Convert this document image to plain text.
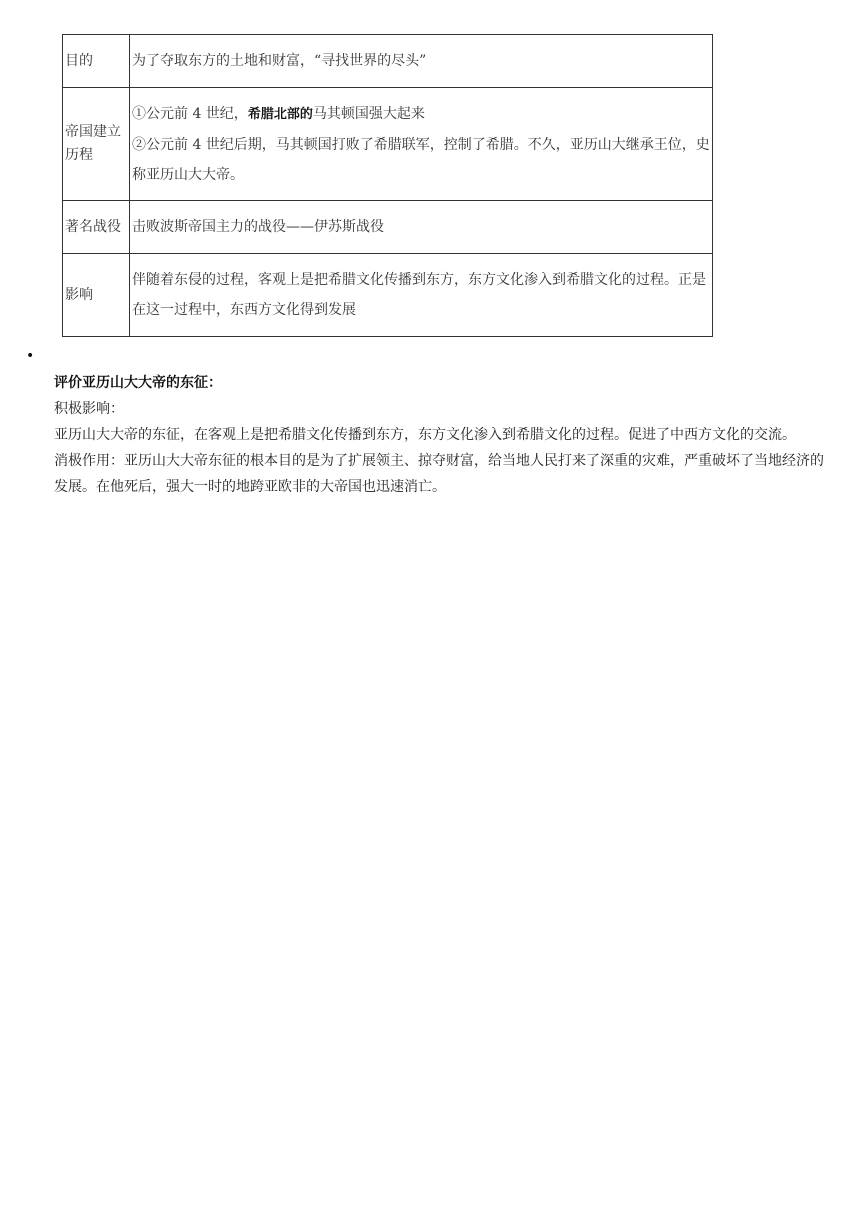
目的	为了夺取东方的土地和财富，“寻找世界的尽头”
帝国建立历程	①公元前 4 世纪，希腊北部的马其顿国强大起来
②公元前 4 世纪后期，马其顿国打败了希腊联军，控制了希腊。不久，亚历山大继承王位，史称亚历山大大帝。
著名战役	击败波斯帝国主力的战役——伊苏斯战役
影响	伴随着东侵的过程，客观上是把希腊文化传播到东方，东方文化渗入到希腊文化的过程。正是在这一过程中，东西方文化得到发展
•

评价亚历山大大帝的东征：

积极影响：

亚历山大大帝的东征，在客观上是把希腊文化传播到东方，东方文化渗入到希腊文化的过程。促进了中西方文化的交流。

消极作用：亚历山大大帝东征的根本目的是为了扩展领主、掠夺财富，给当地人民打来了深重的灾难，严重破坏了当地经济的发展。在他死后，强大一时的地跨亚欧非的大帝国也迅速消亡。
